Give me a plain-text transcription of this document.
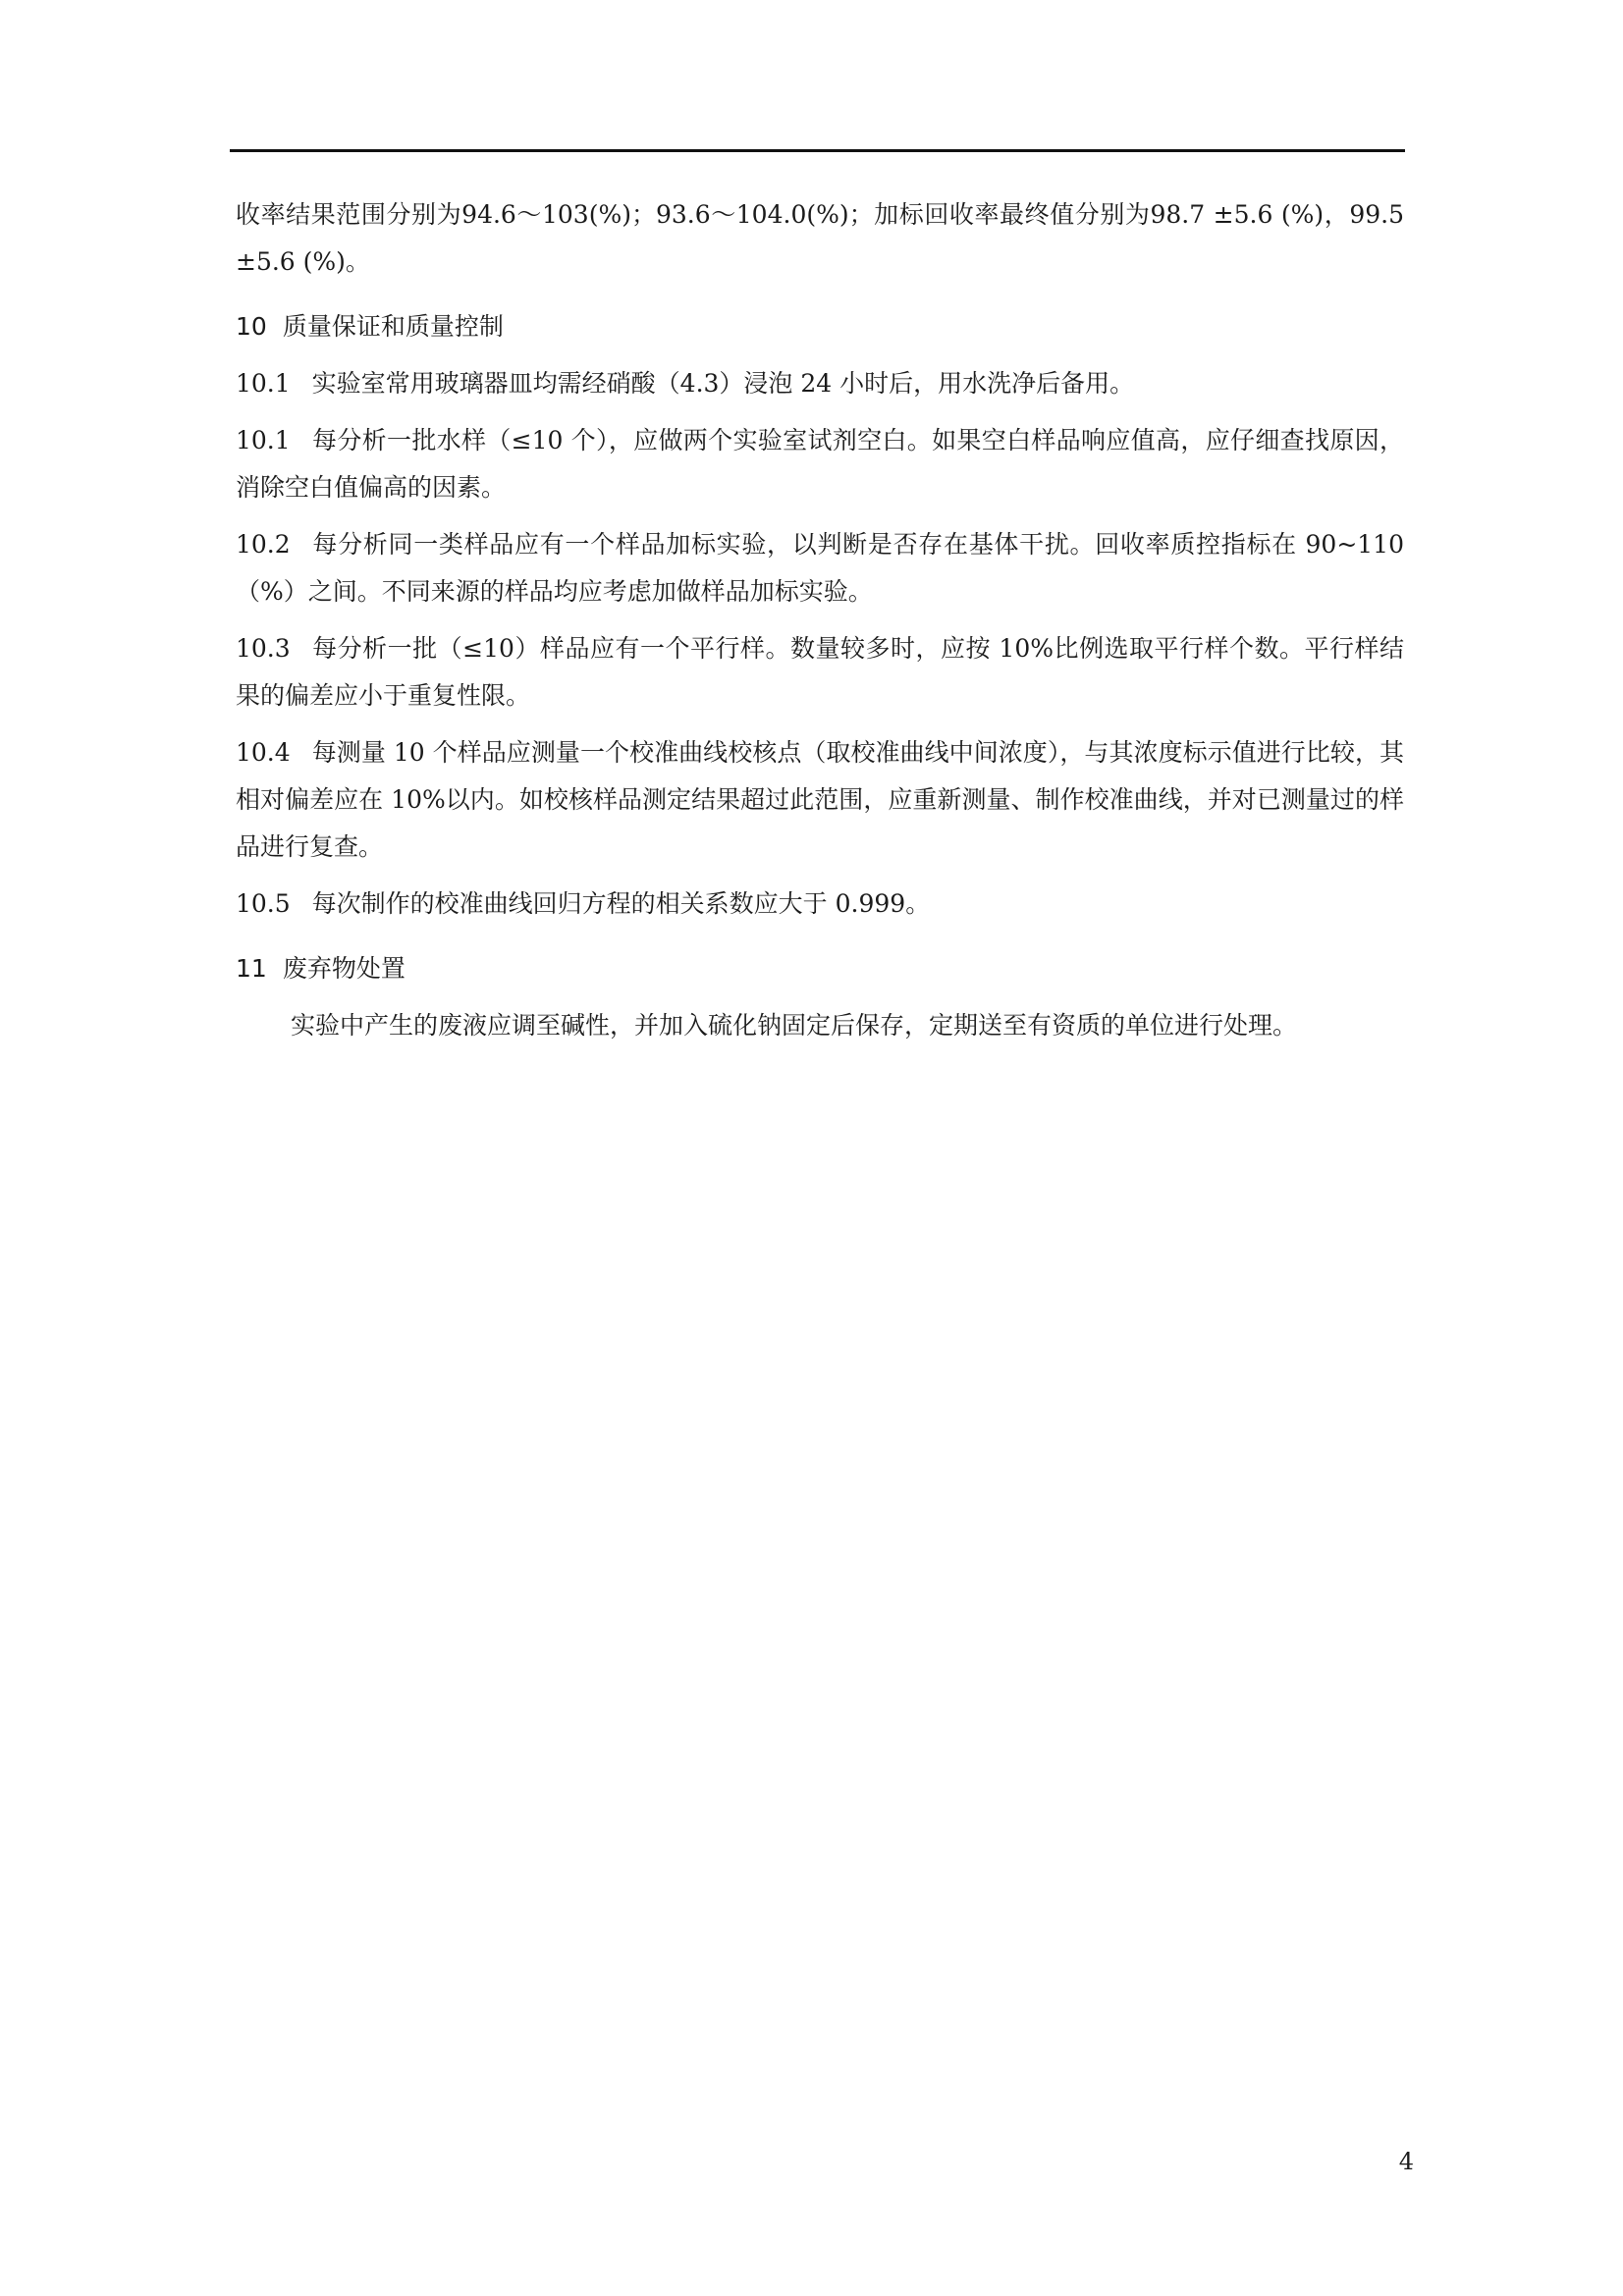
收率结果范围分别为94.6～103(%)；93.6～104.0(%)；加标回收率最终值分别为98.7 ±5.6 (%)，99.5 ±5.6 (%)。

10 质量保证和质量控制

10.1 实验室常用玻璃器皿均需经硝酸（4.3）浸泡 24 小时后，用水洗净后备用。

10.1 每分析一批水样（≤10 个），应做两个实验室试剂空白。如果空白样品响应值高，应仔细查找原因，消除空白值偏高的因素。

10.2 每分析同一类样品应有一个样品加标实验，以判断是否存在基体干扰。回收率质控指标在 90~110（%）之间。不同来源的样品均应考虑加做样品加标实验。

10.3 每分析一批（≤10）样品应有一个平行样。数量较多时，应按 10%比例选取平行样个数。平行样结果的偏差应小于重复性限。

10.4 每测量 10 个样品应测量一个校准曲线校核点（取校准曲线中间浓度），与其浓度标示值进行比较，其相对偏差应在 10%以内。如校核样品测定结果超过此范围，应重新测量、制作校准曲线，并对已测量过的样品进行复查。

10.5 每次制作的校准曲线回归方程的相关系数应大于 0.999。

11 废弃物处置

实验中产生的废液应调至碱性，并加入硫化钠固定后保存，定期送至有资质的单位进行处理。

4
